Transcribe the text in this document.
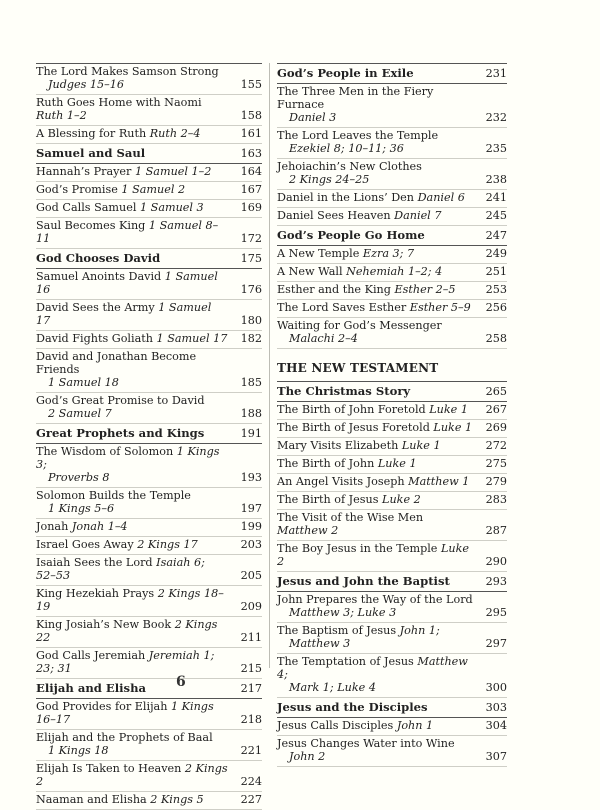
The Lord Makes Samson Strong
Judges 15–16	155
Ruth Goes Home with Naomi Ruth 1–2	158
A Blessing for Ruth Ruth 2–4	161
Samuel and Saul	163
Hannah’s Prayer 1 Samuel 1–2	164
God’s Promise 1 Samuel 2	167
God Calls Samuel 1 Samuel 3	169
Saul Becomes King 1 Samuel 8–11	172
God Chooses David	175
Samuel Anoints David 1 Samuel 16	176
David Sees the Army 1 Samuel 17	180
David Fights Goliath 1 Samuel 17 182
David and Jonathan Become Friends
1 Samuel 18	185
God’s Great Promise to David
2 Samuel 7	188
Great Prophets and Kings	191
The Wisdom of Solomon 1 Kings 3;
Proverbs 8	193
Solomon Builds the Temple
1 Kings 5–6	197
Jonah Jonah 1–4	199
Israel Goes Away 2 Kings 17	203
Isaiah Sees the Lord Isaiah 6; 52–53	205
King Hezekiah Prays 2 Kings 18–19	209
King Josiah’s New Book 2 Kings 22	211
God Calls Jeremiah Jeremiah 1; 23; 31	215
Elijah and Elisha	217
God Provides for Elijah 1 Kings 16–17	218
Elijah and the Prophets of Baal
1 Kings 18	221
Elijah Is Taken to Heaven 2 Kings 2	224
Naaman and Elisha 2 Kings 5	227
God’s People in Exile	231
The Three Men in the Fiery Furnace
Daniel 3	232
The Lord Leaves the Temple
Ezekiel 8; 10–11; 36	235
Jehoiachin’s New Clothes
2 Kings 24–25	238
Daniel in the Lions’ Den Daniel 6 241
Daniel Sees Heaven Daniel 7	245
God’s People Go Home	247
A New Temple Ezra 3; 7	249
A New Wall Nehemiah 1–2; 4	251
Esther and the King Esther 2–5	253
The Lord Saves Esther Esther 5–9 256
Waiting for God’s Messenger
Malachi 2–4	258
THE NEW TESTAMENT
The Christmas Story	265
The Birth of John Foretold Luke 1 267
The Birth of Jesus Foretold Luke 1 269
Mary Visits Elizabeth Luke 1	272
The Birth of John Luke 1	275
An Angel Visits Joseph Matthew 1 279
The Birth of Jesus Luke 2	283
The Visit of the Wise Men Matthew 2	287
The Boy Jesus in the Temple Luke 2	290
Jesus and John the Baptist	293
John Prepares the Way of the Lord
Matthew 3; Luke 3	295
The Baptism of Jesus John 1;
Matthew 3	297
The Temptation of Jesus Matthew 4;
Mark 1; Luke 4	300
Jesus and the Disciples	303
Jesus Calls Disciples John 1	304
Jesus Changes Water into Wine
John 2	307
6
